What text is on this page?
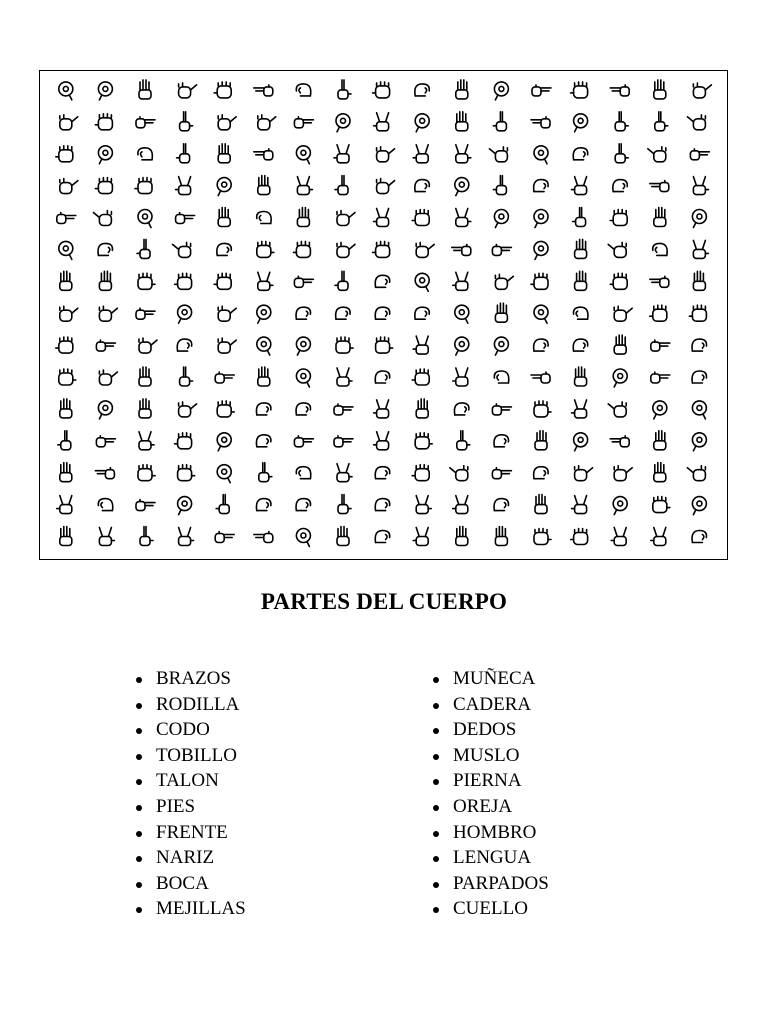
PARTES DEL CUERPO
BRAZOS
RODILLA
CODO
TOBILLO
TALON
PIES
FRENTE
NARIZ
BOCA
MEJILLAS
MUÑECA
CADERA
DEDOS
MUSLO
PIERNA
OREJA
HOMBRO
LENGUA
PARPADOS
CUELLO
